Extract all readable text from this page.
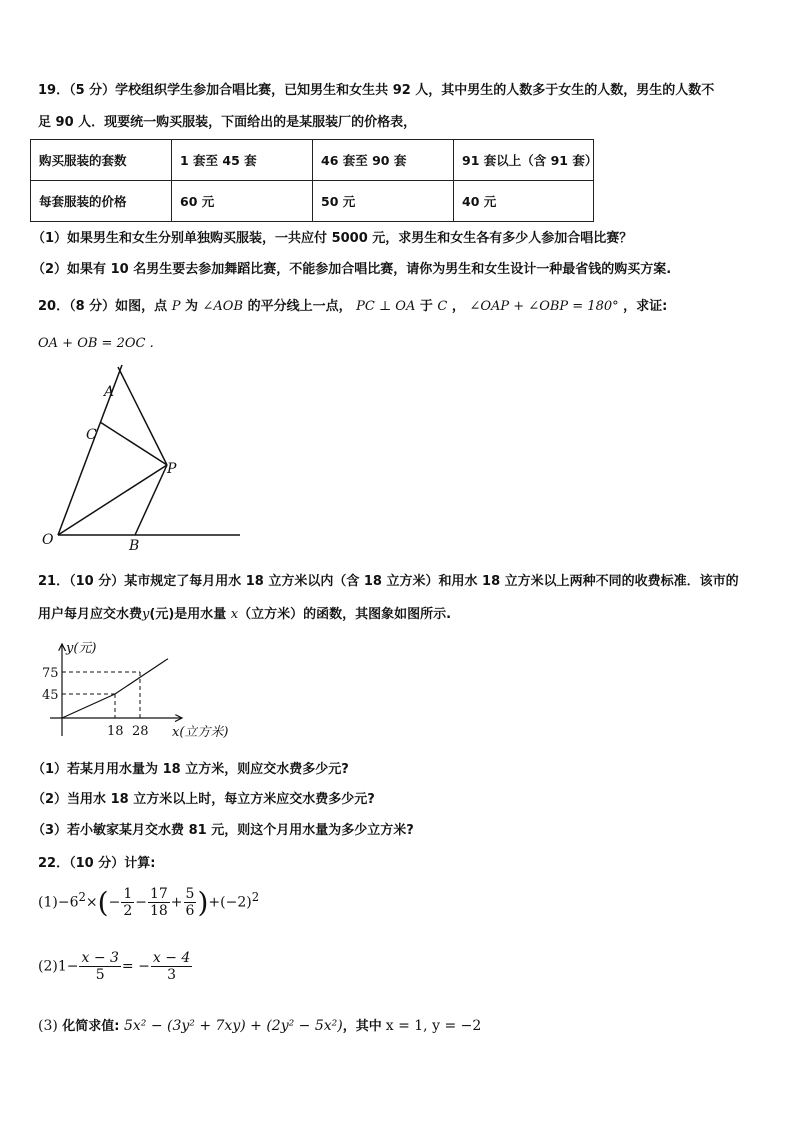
19．（5 分）学校组织学生参加合唱比赛，已知男生和女生共 92 人，其中男生的人数多于女生的人数，男生的人数不
足 90 人．现要统一购买服装，下面给出的是某服装厂的价格表，
购买服装的套数	1 套至 45 套	46 套至 90 套	91 套以上（含 91 套）
每套服装的价格	60 元	50 元	40 元
（1）如果男生和女生分别单独购买服装，一共应付 5000 元，求男生和女生各有多少人参加合唱比赛？
（2）如果有 10 名男生要去参加舞蹈比赛，不能参加合唱比赛，请你为男生和女生设计一种最省钱的购买方案.
20．（8 分）如图，点 P 为 ∠AOB 的平分线上一点， PC ⊥ OA 于 C ， ∠OAP + ∠OBP = 180° ，求证:
OA + OB = 2OC .
A
C
P
O	B
21．（10 分）某市规定了每月用水 18 立方米以内（含 18 立方米）和用水 18 立方米以上两种不同的收费标准．该市的
用户每月应交水费y(元)是用水量 x（立方米）的函数，其图象如图所示.
y(元)
x(立方米)
75
45
18 28
（1）若某月用水量为 18 立方米，则应交水费多少元?
（2）当用水 18 立方米以上时，每立方米应交水费多少元?
（3）若小敏家某月交水费 81 元，则这个月用水量为多少立方米?
22．（10 分）计算:
$(1)-6^2\times(- \frac{1}{2} - \frac{17}{18} + \frac{5}{6} )+(-2)^2$
$(2)1- \frac{x - 3}{5}$ = − $\frac{x - 4}{3}$
(3) 化简求值: 5x² − (3y² + 7xy) + (2y² − 5x²)，其中 x = 1, y = −2
